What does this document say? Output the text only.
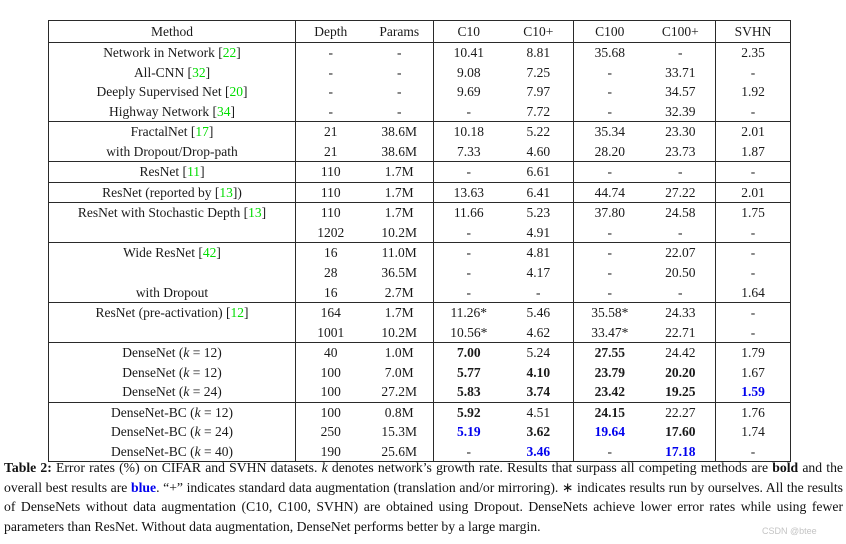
Method	Depth	Params	C10	C10+	C100	C100+	SVHN
Network in Network [22]	-	-	10.41	8.81	35.68	-	2.35
All-CNN [32]	-	-	9.08	7.25	-	33.71	-
Deeply Supervised Net [20]	-	-	9.69	7.97	-	34.57	1.92
Highway Network [34]	-	-	-	7.72	-	32.39	-
FractalNet [17]	21	38.6M	10.18	5.22	35.34	23.30	2.01
with Dropout/Drop-path	21	38.6M	7.33	4.60	28.20	23.73	1.87
ResNet [11]	110	1.7M	-	6.61	-	-	-
ResNet (reported by [13])	110	1.7M	13.63	6.41	44.74	27.22	2.01
ResNet with Stochastic Depth [13]	110	1.7M	11.66	5.23	37.80	24.58	1.75
	1202	10.2M	-	4.91	-	-	-
Wide ResNet [42]	16	11.0M	-	4.81	-	22.07	-
	28	36.5M	-	4.17	-	20.50	-
with Dropout	16	2.7M	-	-	-	-	1.64
ResNet (pre-activation) [12]	164	1.7M	11.26*	5.46	35.58*	24.33	-
	1001	10.2M	10.56*	4.62	33.47*	22.71	-
DenseNet (k = 12)	40	1.0M	7.00	5.24	27.55	24.42	1.79
DenseNet (k = 12)	100	7.0M	5.77	4.10	23.79	20.20	1.67
DenseNet (k = 24)	100	27.2M	5.83	3.74	23.42	19.25	1.59
DenseNet-BC (k = 12)	100	0.8M	5.92	4.51	24.15	22.27	1.76
DenseNet-BC (k = 24)	250	15.3M	5.19	3.62	19.64	17.60	1.74
DenseNet-BC (k = 40)	190	25.6M	-	3.46	-	17.18	-
Table 2: Error rates (%) on CIFAR and SVHN datasets. k denotes network’s growth rate. Results that surpass all competing methods are bold and the overall best results are blue. “+” indicates standard data augmentation (translation and/or mirroring). ∗ indicates results run by ourselves. All the results of DenseNets without data augmentation (C10, C100, SVHN) are obtained using Dropout. DenseNets achieve lower error rates while using fewer parameters than ResNet. Without data augmentation, DenseNet performs better by a large margin.	CSDN @btee
